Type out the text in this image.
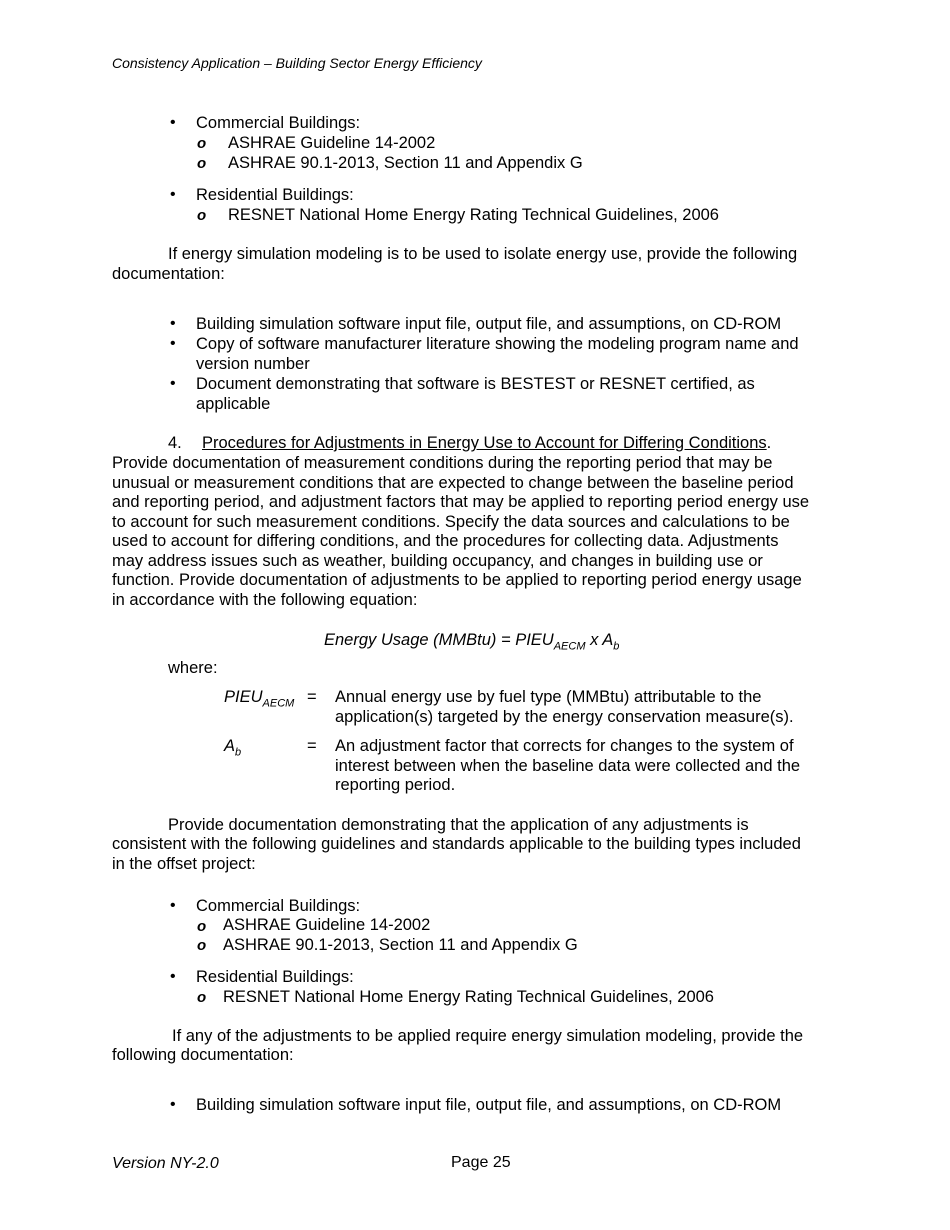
Consistency Application – Building Sector Energy Efficiency
• Commercial Buildings:
o ASHRAE Guideline 14-2002
o ASHRAE 90.1-2013, Section 11 and Appendix G
• Residential Buildings:
o RESNET National Home Energy Rating Technical Guidelines, 2006
If energy simulation modeling is to be used to isolate energy use, provide the following
documentation:
• Building simulation software input file, output file, and assumptions, on CD-ROM
• Copy of software manufacturer literature showing the modeling program name and
version number
• Document demonstrating that software is BESTEST or RESNET certified, as
applicable
4. Procedures for Adjustments in Energy Use to Account for Differing Conditions.
Provide documentation of measurement conditions during the reporting period that may be
unusual or measurement conditions that are expected to change between the baseline period
and reporting period, and adjustment factors that may be applied to reporting period energy use
to account for such measurement conditions. Specify the data sources and calculations to be
used to account for differing conditions, and the procedures for collecting data. Adjustments
may address issues such as weather, building occupancy, and changes in building use or
function. Provide documentation of adjustments to be applied to reporting period energy usage
in accordance with the following equation:
Energy Usage (MMBtu) = $PIEU_{AECM}$ x $A_b$
where:
$PIEU_{AECM}$ = Annual energy use by fuel type (MMBtu) attributable to the
application(s) targeted by the energy conservation measure(s).
$A_b$	= An adjustment factor that corrects for changes to the system of
interest between when the baseline data were collected and the
reporting period.
Provide documentation demonstrating that the application of any adjustments is
consistent with the following guidelines and standards applicable to the building types included
in the offset project:
• Commercial Buildings:
o ASHRAE Guideline 14-2002
o ASHRAE 90.1-2013, Section 11 and Appendix G
• Residential Buildings:
o RESNET National Home Energy Rating Technical Guidelines, 2006
If any of the adjustments to be applied require energy simulation modeling, provide the
following documentation:
• Building simulation software input file, output file, and assumptions, on CD-ROM
Version NY-2.0	Page 25
